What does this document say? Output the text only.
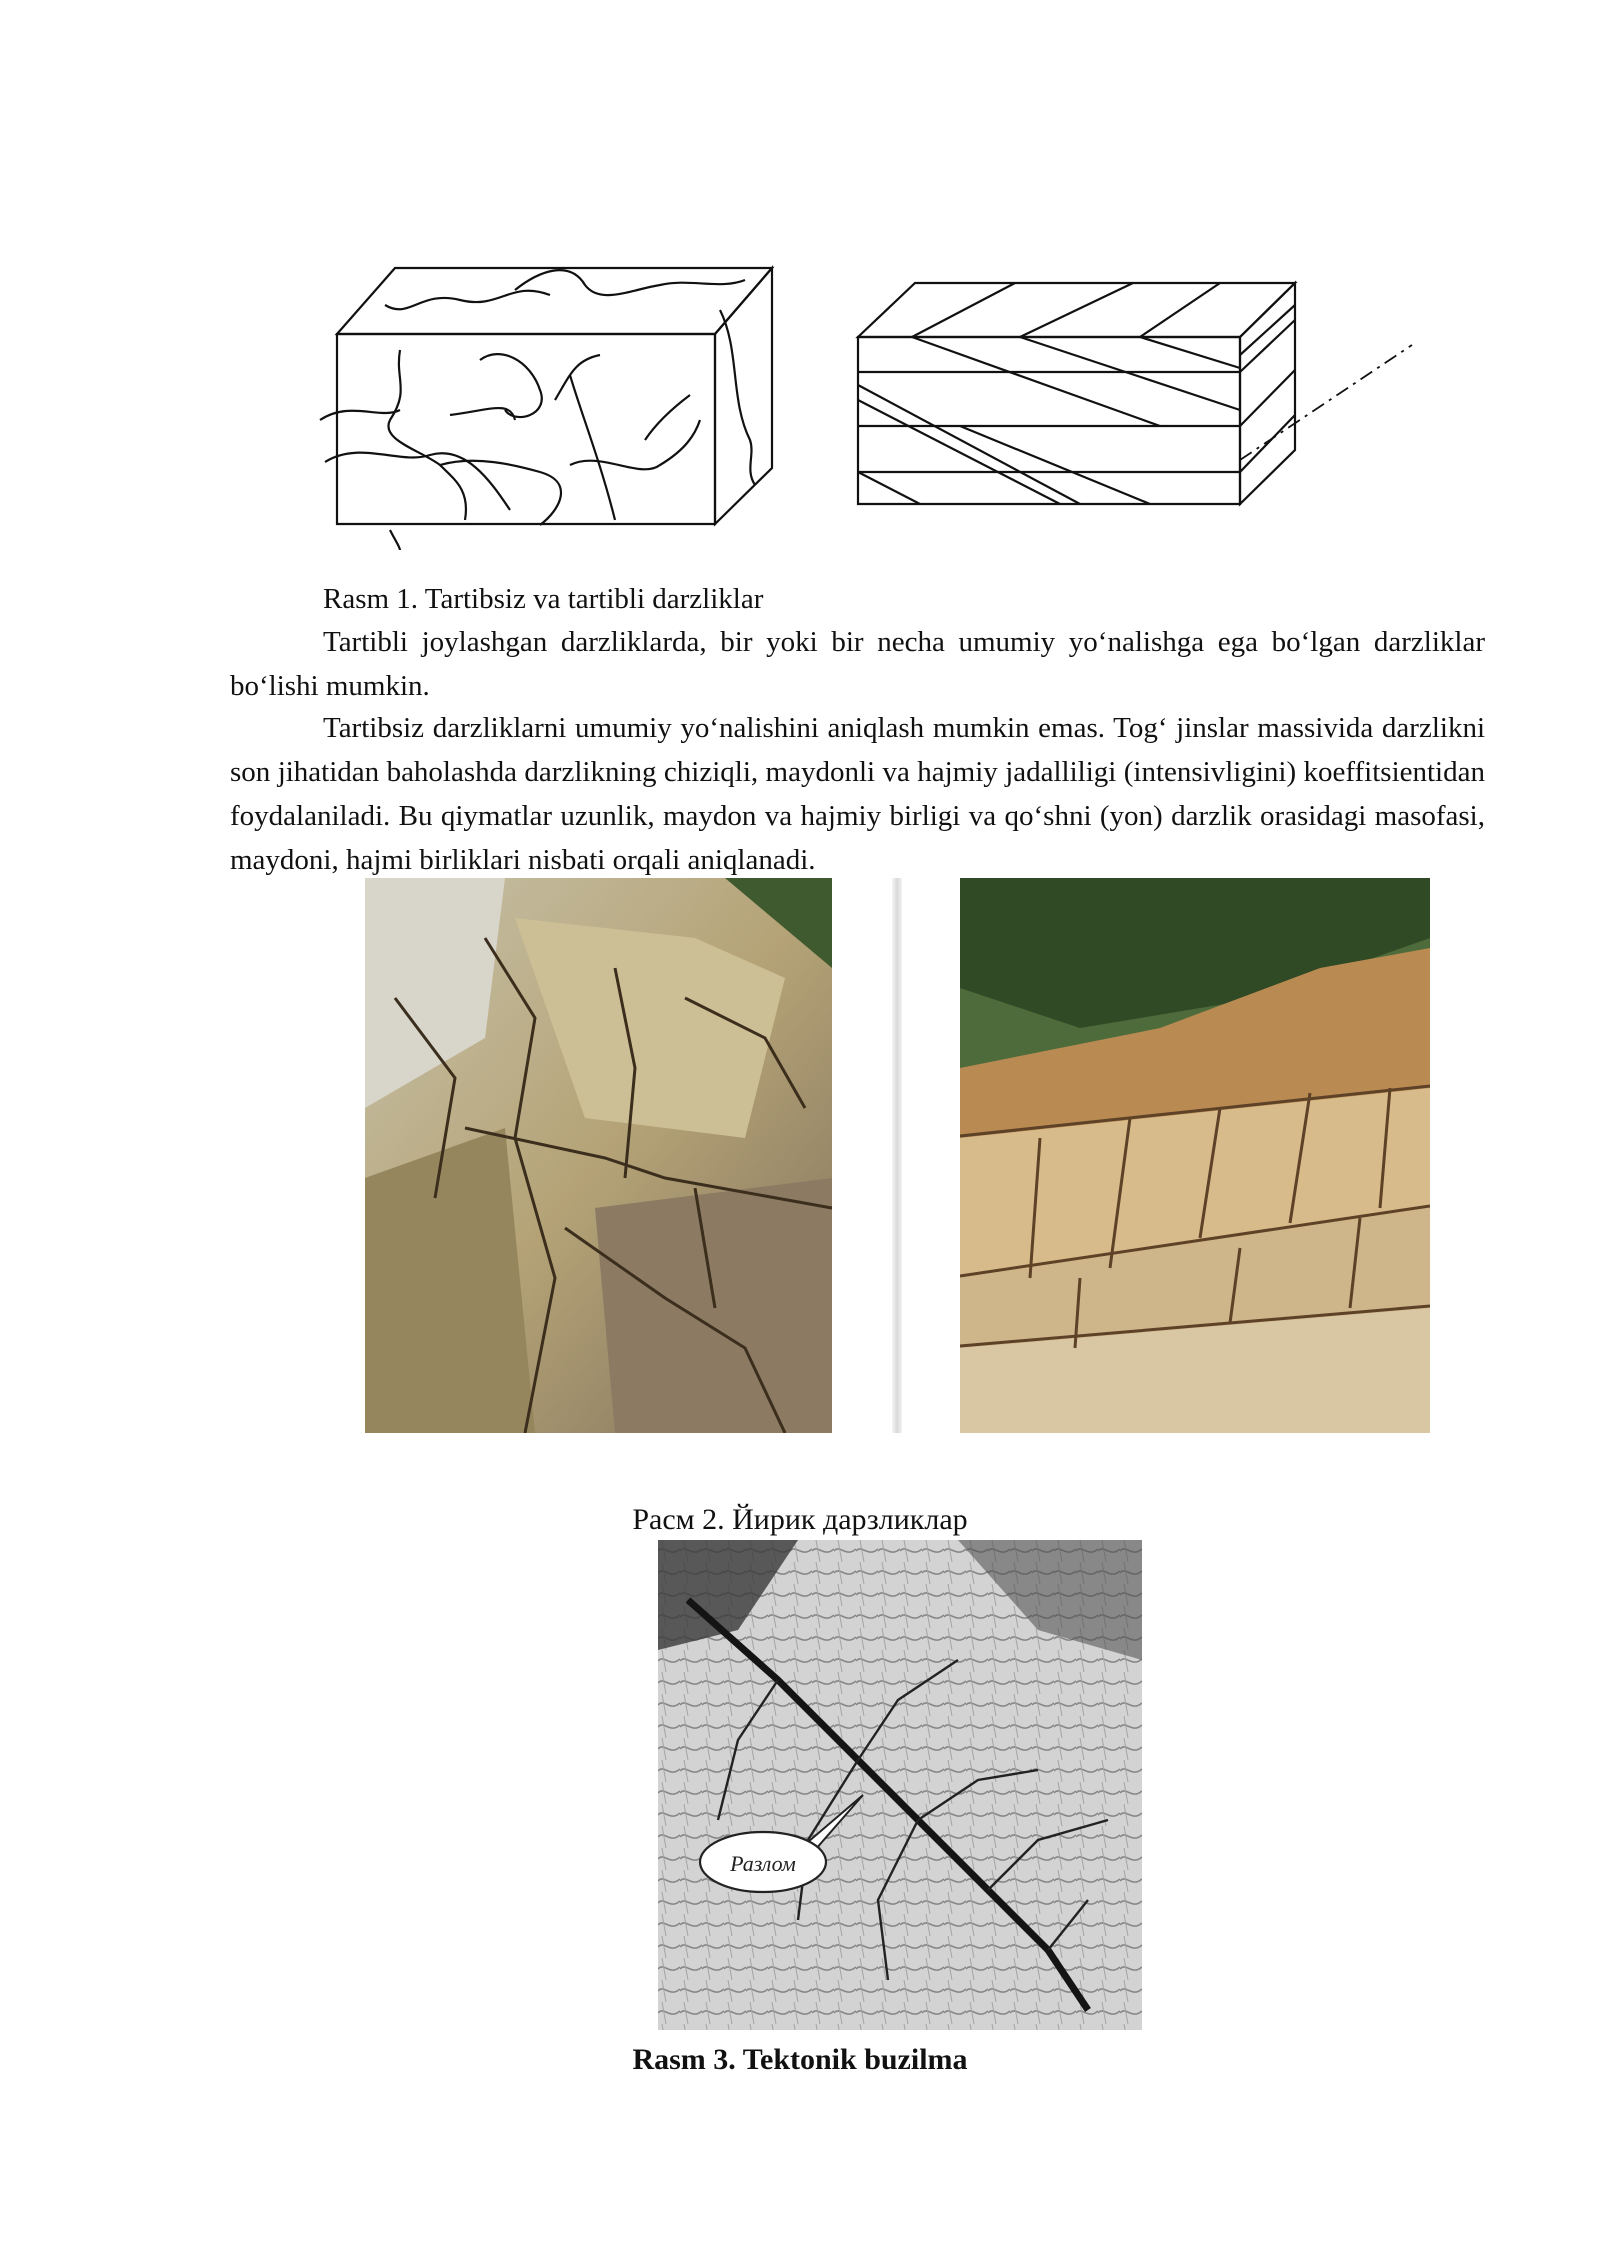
Rasm 1. Tartibsiz va tartibli darzliklar

Tartibli joylashgan darzliklarda, bir yoki bir necha umumiy yo‘nalishga ega bo‘lgan darzliklar bo‘lishi mumkin.

Tartibsiz darzliklarni umumiy yo‘nalishini aniqlash mumkin emas. Tog‘ jinslar massivida darzlikni son jihatidan baholashda darzlikning chiziqli, maydonli va hajmiy jadalliligi (intensivligini) koeffitsientidan foydalaniladi. Bu qiymatlar uzunlik, maydon va hajmiy birligi va qo‘shni (yon) darzlik orasidagi masofasi, maydoni, hajmi birliklari nisbati orqali aniqlanadi.

Расм 2. Йирик дарзликлар
Разлом
Rasm 3. Tektonik buzilma
